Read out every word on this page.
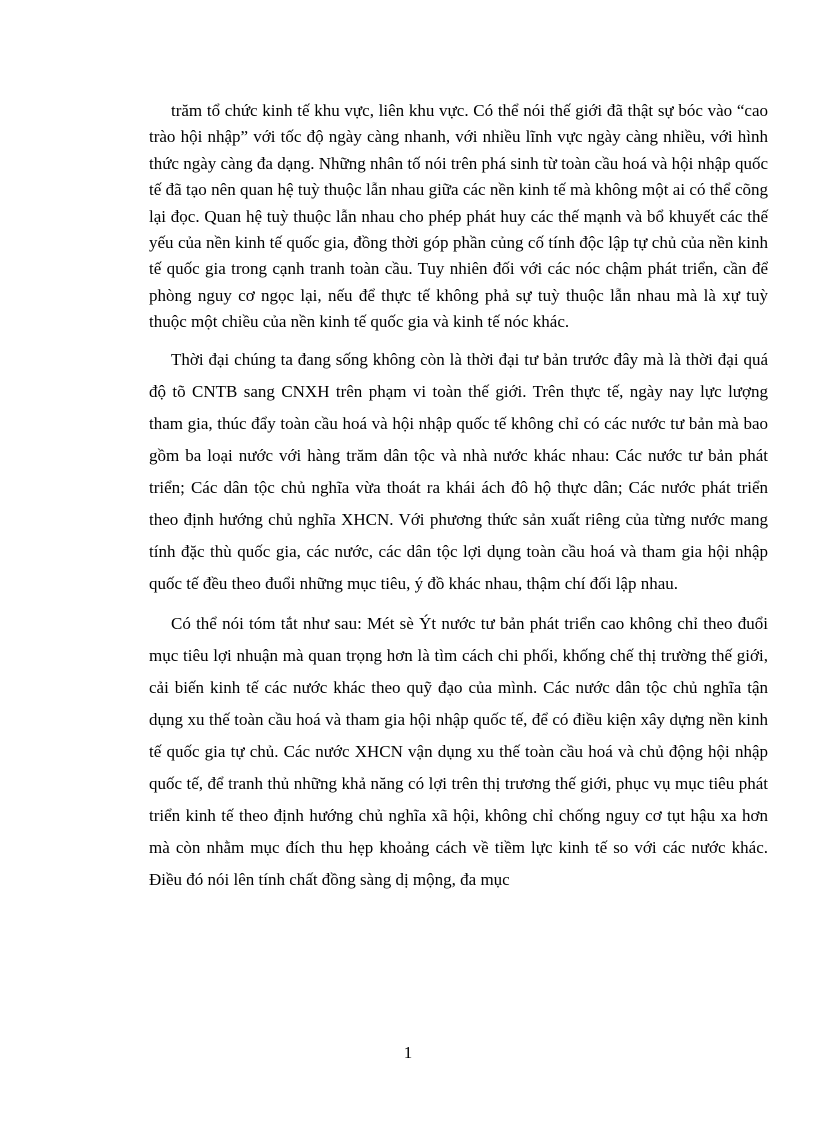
trăm tổ chức kinh tế khu vực, liên khu vực. Có thể nói thế giới đã thật sự bóc vào “cao trào hội nhập” với tốc độ ngày càng nhanh, với nhiều lĩnh vực ngày càng nhiều, với hình thức ngày càng đa dạng. Những nhân tố nói trên phá sinh từ toàn cầu hoá và hội nhập quốc tế đã tạo nên quan hệ tuỳ thuộc lẫn nhau giữa các nền kinh tế mà không một ai có thể cõng lại đọc. Quan hệ tuỳ thuộc lẫn nhau cho phép phát huy các thế mạnh và bổ khuyết các thế yếu của nền kinh tế quốc gia, đồng thời góp phần củng cố tính độc lập tự chủ của nền kinh tế quốc gia trong cạnh tranh toàn cầu. Tuy nhiên đối với các nóc chậm phát triển, cần để phòng nguy cơ ngọc lại, nếu để thực tế không phả sự tuỳ thuộc lẫn nhau mà là xự tuỳ thuộc một chiều của nền kinh tế quốc gia và kinh tế nóc khác.

Thời đại chúng ta đang sống không còn là thời đại tư bản trước đây mà là thời đại quá độ tõ CNTB sang CNXH trên phạm vi toàn thế giới. Trên thực tế, ngày nay lực lượng tham gia, thúc đẩy toàn cầu hoá và hội nhập quốc tế không chỉ có các nước tư bản mà bao gồm ba loại nước với hàng trăm dân tộc và nhà nước khác nhau: Các nước tư bản phát triển; Các dân tộc chủ nghĩa vừa thoát ra khái ách đô hộ thực dân; Các nước phát triển theo định hướng chủ nghĩa XHCN. Với phương thức sản xuất riêng của từng nước mang tính đặc thù quốc gia, các nước, các dân tộc lợi dụng toàn cầu hoá và tham gia hội nhập quốc tế đều theo đuổi những mục tiêu, ý đồ khác nhau, thậm chí đối lập nhau.

Có thể nói tóm tắt như sau: Mét sè Ýt nước tư bản phát triển cao không chỉ theo đuổi mục tiêu lợi nhuận mà quan trọng hơn là tìm cách chi phối, khống chế thị trường thế giới, cải biến kinh tế các nước khác theo quỹ đạo của mình. Các nước dân tộc chủ nghĩa tận dụng xu thế toàn cầu hoá và tham gia hội nhập quốc tế, để có điều kiện xây dựng nền kinh tế quốc gia tự chủ. Các nước XHCN vận dụng xu thế toàn cầu hoá và chủ động hội nhập quốc tế, để tranh thủ những khả năng có lợi trên thị trương thế giới, phục vụ mục tiêu phát triển kinh tế theo định hướng chủ nghĩa xã hội, không chỉ chống nguy cơ tụt hậu xa hơn mà còn nhằm mục đích thu hẹp khoảng cách về tiềm lực kinh tế so với các nước khác. Điều đó nói lên tính chất đồng sàng dị mộng, đa mục

1
